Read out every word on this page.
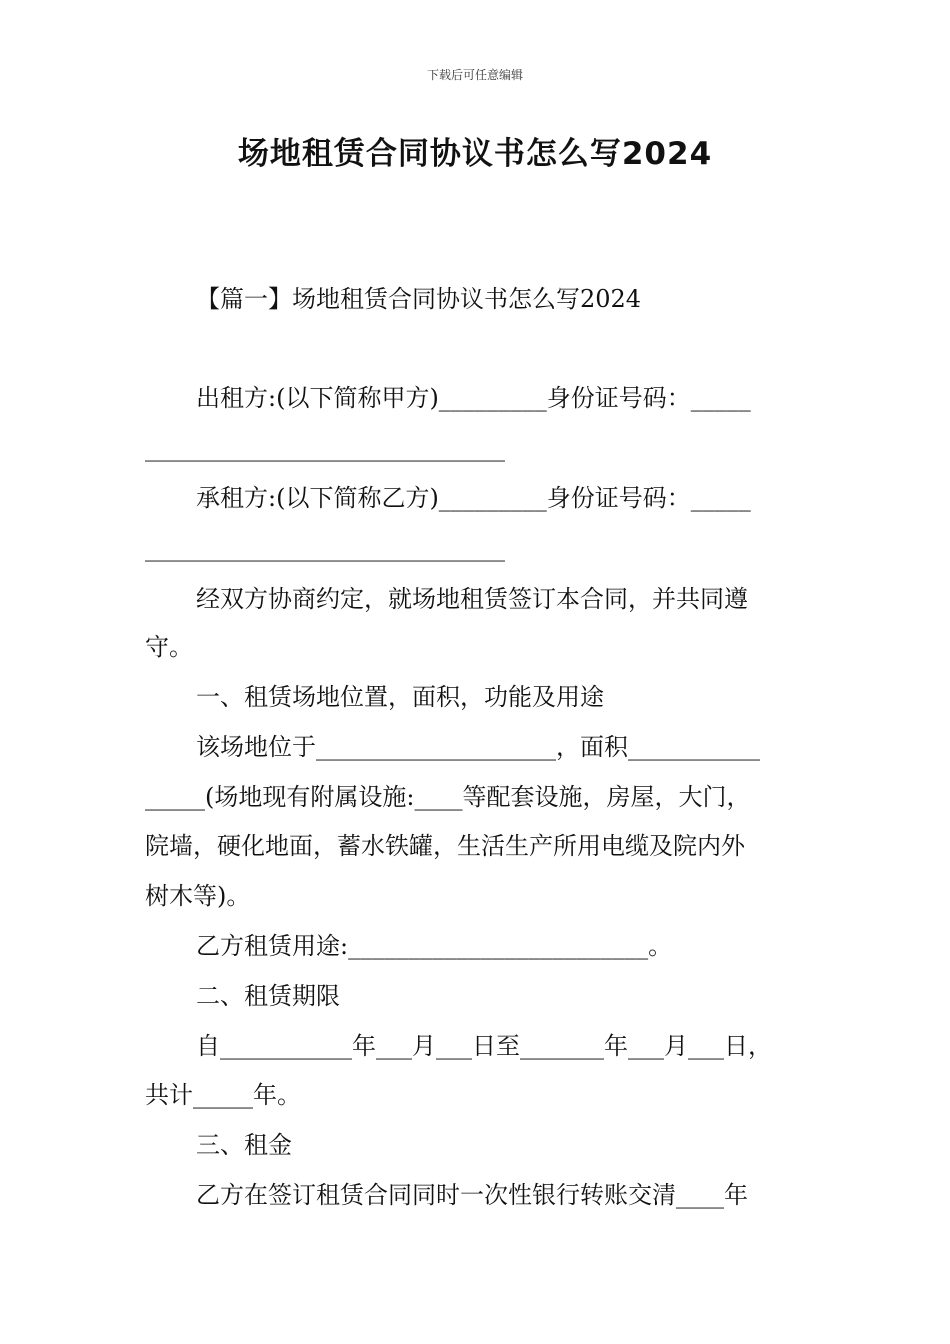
下载后可任意编辑
场地租赁合同协议书怎么写2024
【篇一】场地租赁合同协议书怎么写2024
出租方:(以下简称甲方)_________身份证号码：_____
______________________________
承租方:(以下简称乙方)_________身份证号码：_____
______________________________
经双方协商约定，就场地租赁签订本合同，并共同遵
守。
一、租赁场地位置，面积，功能及用途
该场地位于____________________，面积___________
_____(场地现有附属设施:____等配套设施，房屋，大门，
院墙，硬化地面，蓄水铁罐，生活生产所用电缆及院内外
树木等)。
乙方租赁用途:_________________________。
二、租赁期限
自___________年___月___日至_______年___月___日，
共计_____年。
三、租金
乙方在签订租赁合同同时一次性银行转账交清____年
